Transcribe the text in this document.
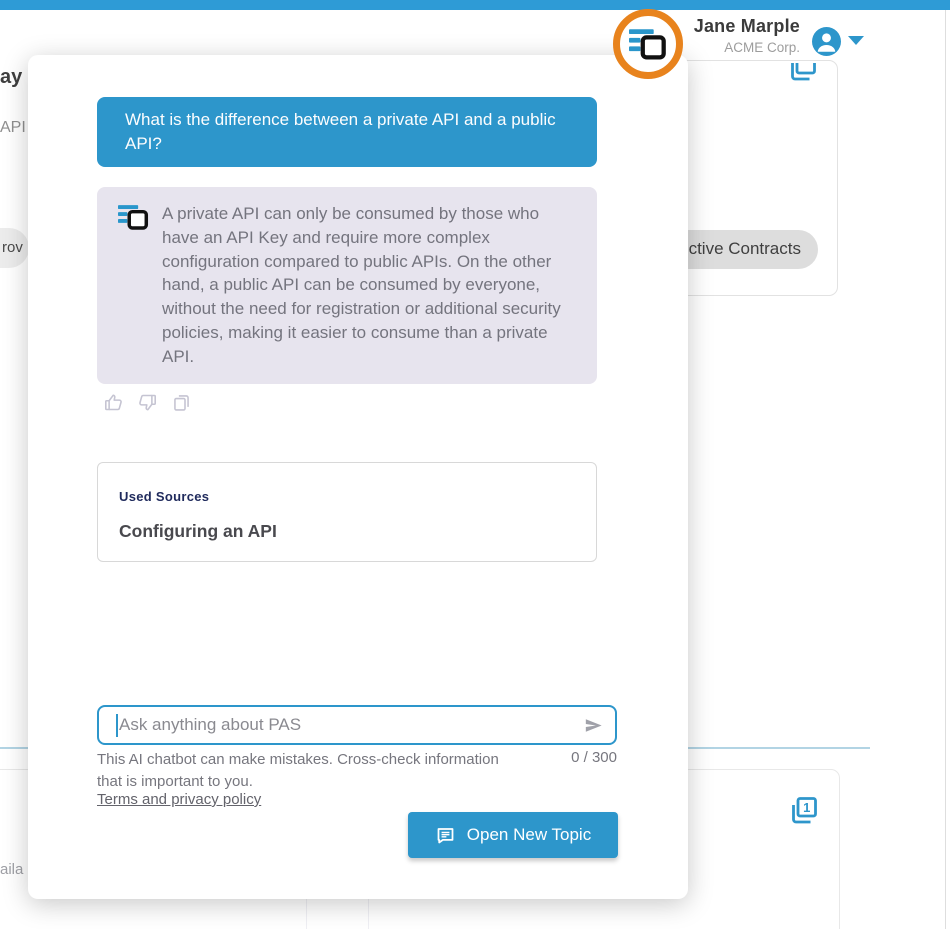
Jane Marple
ACME Corp.
ay
API
rov	ctive Contracts
1
aila
What is the difference between a private API and a public API?
A private API can only be consumed by those who have an API Key and require more complex configuration compared to public APIs. On the other hand, a public API can be consumed by everyone, without the need for registration or additional security policies, making it easier to consume than a private API.
Used Sources
Configuring an API
Ask anything about PAS
This AI chatbot can make mistakes. Cross-check information
that is important to you.
0 / 300
Terms and privacy policy
Open New Topic
